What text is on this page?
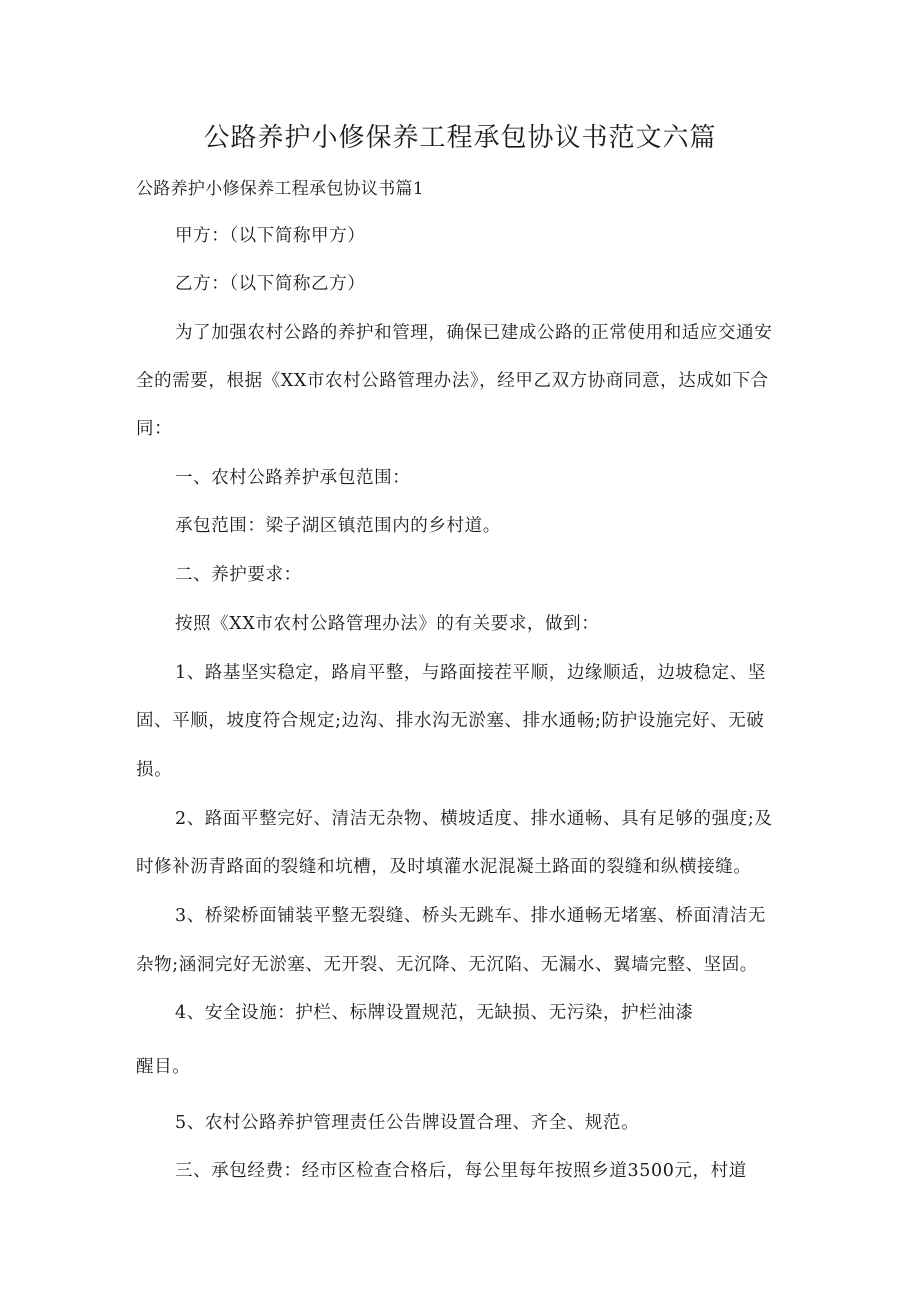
公路养护小修保养工程承包协议书范文六篇
公路养护小修保养工程承包协议书篇1
甲方：（以下简称甲方）
乙方：（以下简称乙方）
为了加强农村公路的养护和管理，确保已建成公路的正常使用和适应交通安
全的需要，根据《XX市农村公路管理办法》，经甲乙双方协商同意，达成如下合
同：
一、农村公路养护承包范围：
承包范围：梁子湖区镇范围内的乡村道。
二、养护要求：
按照《XX市农村公路管理办法》的有关要求，做到：
1、路基坚实稳定，路肩平整，与路面接茬平顺，边缘顺适，边坡稳定、坚
固、平顺，坡度符合规定;边沟、排水沟无淤塞、排水通畅;防护设施完好、无破
损。
2、路面平整完好、清洁无杂物、横坡适度、排水通畅、具有足够的强度;及
时修补沥青路面的裂缝和坑槽，及时填灌水泥混凝土路面的裂缝和纵横接缝。
3、桥梁桥面铺装平整无裂缝、桥头无跳车、排水通畅无堵塞、桥面清洁无
杂物;涵洞完好无淤塞、无开裂、无沉降、无沉陷、无漏水、翼墙完整、坚固。
4、安全设施：护栏、标牌设置规范，无缺损、无污染，护栏油漆
醒目。
5、农村公路养护管理责任公告牌设置合理、齐全、规范。
三、承包经费：经市区检查合格后，每公里每年按照乡道3500元，村道
